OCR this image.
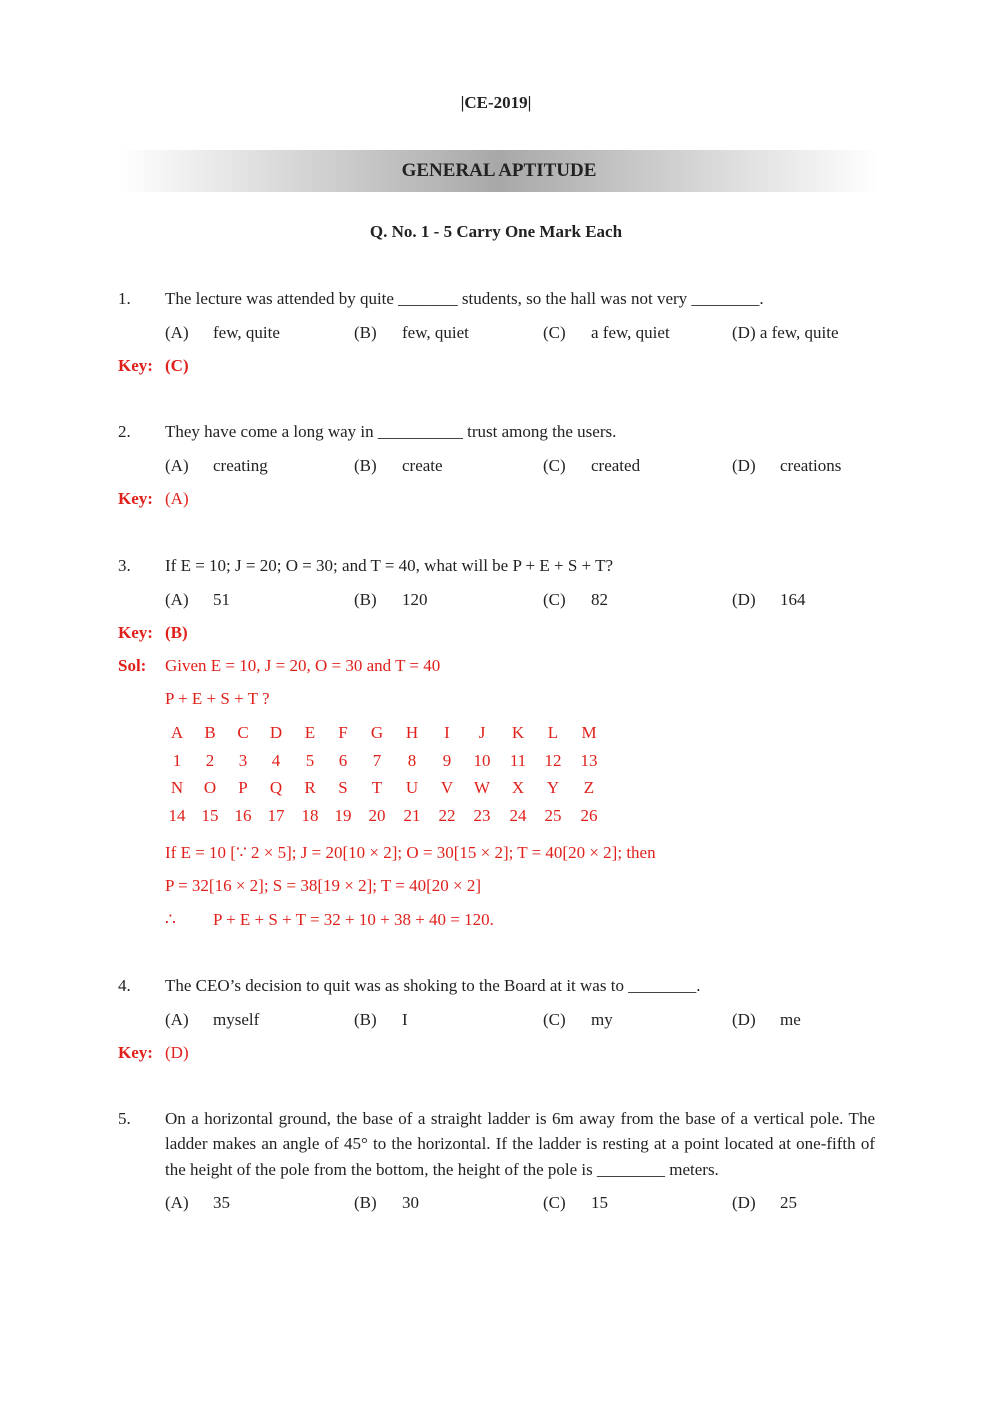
|CE-2019|
GENERAL APTITUDE
Q. No. 1 - 5 Carry One Mark Each
1. The lecture was attended by quite _______ students, so the hall was not very ________.
(A) few, quite	(B) few, quiet	(C) a few, quiet	(D) a few, quite
Key: (C)
2. They have come a long way in __________ trust among the users.
(A) creating	(B) create	(C) created	(D) creations
Key: (A)
3. If E = 10; J = 20; O = 30; and T = 40, what will be P + E + S + T?
(A) 51	(B) 120	(C) 82	(D) 164
Key: (B)
Sol: Given E = 10, J = 20, O = 30 and T = 40
P + E + S + T ?
A	B	C	D	E	F	G	H	I	J	K	L	M
1	2	3	4	5	6	7	8	9	10	11	12	13
N	O	P	Q	R	S	T	U	V	W	X	Y	Z
14 15 16 17	18 19	20	21	22	23	24	25	26
If E = 10 [∵ 2 × 5]; J = 20[10 × 2]; O = 30[15 × 2]; T = 40[20 × 2]; then
P = 32[16 × 2]; S = 38[19 × 2]; T = 40[20 × 2]
∴ P + E + S + T = 32 + 10 + 38 + 40 = 120.
4. The CEO’s decision to quit was as shoking to the Board at it was to ________.
(A) myself	(B) I	(C) my	(D) me
Key: (D)
5. On a horizontal ground, the base of a straight ladder is 6m away from the base of a vertical pole. The ladder makes an angle of 45° to the horizontal. If the ladder is resting at a point located at one-fifth of the height of the pole from the bottom, the height of the pole is ________ meters.
(A) 35	(B) 30	(C) 15	(D) 25
